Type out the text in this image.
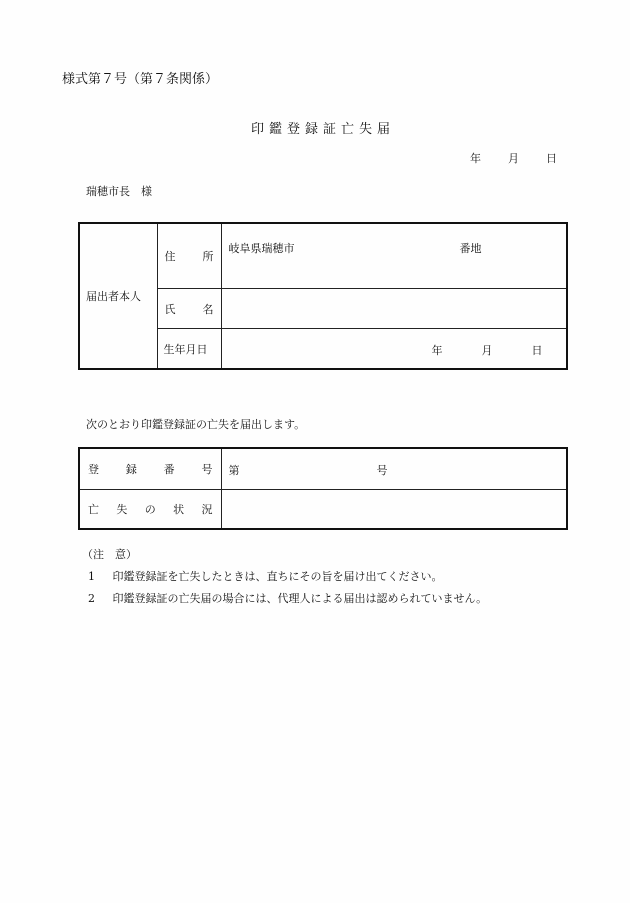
様式第７号（第７条関係）
印鑑登録証亡失届
年 月 日
瑞穂市長　様
届出者本人	住 所	岐阜県瑞穂市 番地

	氏 名	

	生年月日	年 月 日
次のとおり印鑑登録証の亡失を届出します。
登 録 番 号	第 号

亡 失 の 状 況	

（注　意）
1 印鑑登録証を亡失したときは、直ちにその旨を届け出てください。
2 印鑑登録証の亡失届の場合には、代理人による届出は認められていません。
